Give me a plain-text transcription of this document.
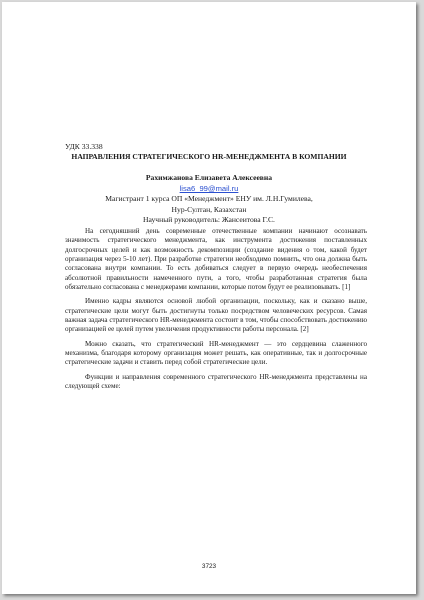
УДК 33.338
НАПРАВЛЕНИЯ СТРАТЕГИЧЕСКОГО HR-МЕНЕДЖМЕНТА В КОМПАНИИ
Рахимжанова Елизавета Алексеевна
lisa6_99@mail.ru
Магистрант 1 курса ОП «Менеджмент» ЕНУ им. Л.Н.Гумилева,
Нур-Султан, Казахстан
Научный руководитель: Жансеитова Г.С.

На сегодняшний день современные отечественные компании начинают осознавать значимость стратегического менеджмента, как инструмента достижения поставленных долгосрочных целей и как возможность декомпозиции (создание видения о том, какой будет организация через 5-10 лет). При разработке стратегии необходимо помнить, что она должна быть согласована внутри компании. То есть добиваться следует в первую очередь необеспечения абсолютной правильности намеченного пути, а того, чтобы разработанная стратегия была обязательно согласована с менеджерами компании, которые потом будут ее реализовывать. [1]

Именно кадры являются основой любой организации, поскольку, как и сказано выше, стратегические цели могут быть достигнуты только посредством человеческих ресурсов. Самая важная задача стратегического HR-менеджмента состоит в том, чтобы способствовать достижению организацией ее целей путем увеличения продуктивности работы персонала. [2]

Можно сказать, что стратегический HR-менеджмент — это сердцевина слаженного механизма, благодаря которому организация может решать, как оперативные, так и долгосрочные стратегические задачи и ставить перед собой стратегические цели.

Функции и направления современного стратегического HR-менеджмента представлены на следующей схеме:

3723
